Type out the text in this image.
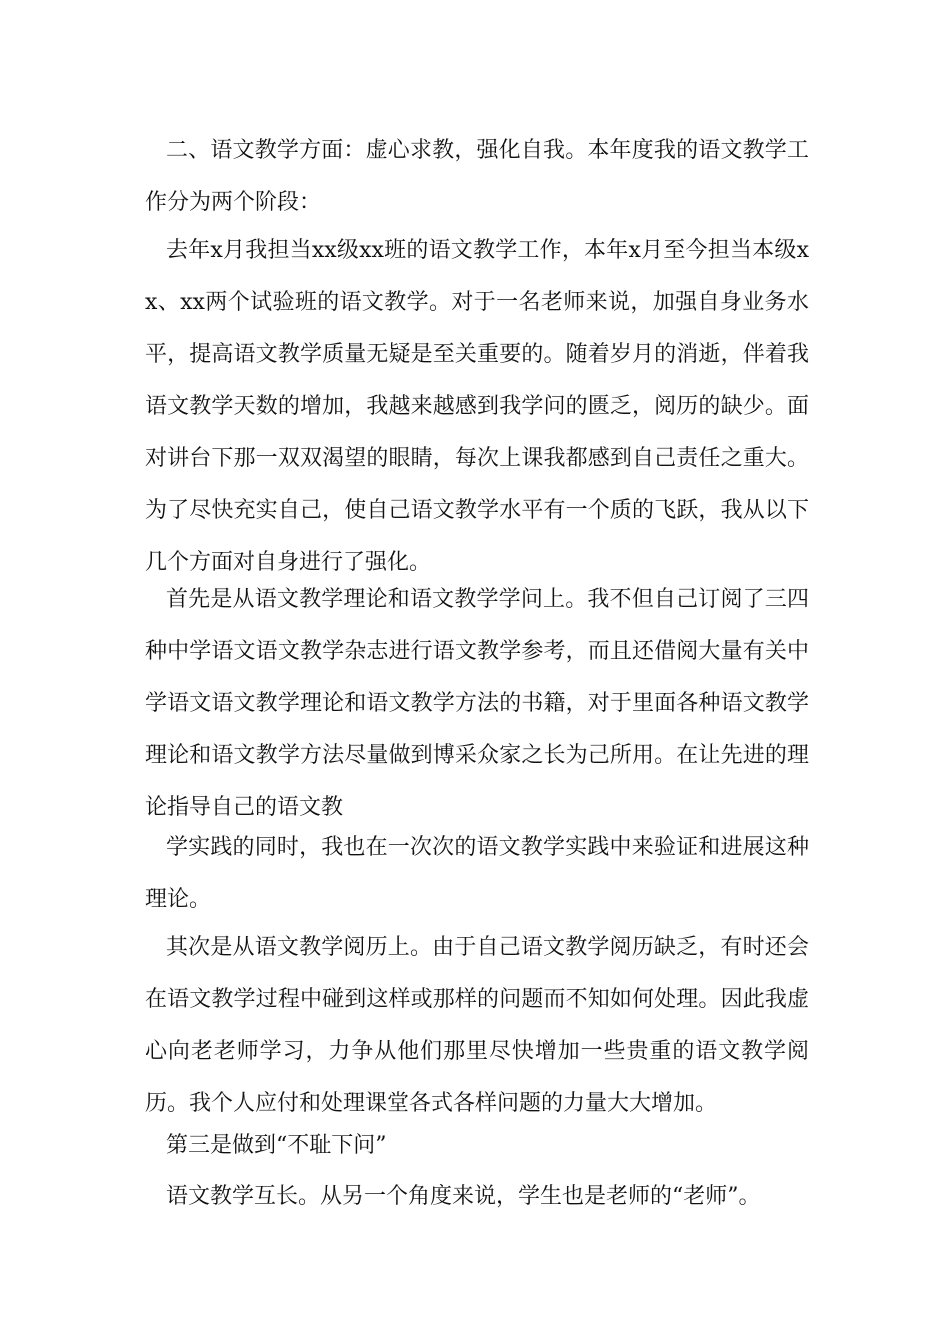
二、语文教学方面：虚心求教，强化自我。本年度我的语文教学工作分为两个阶段：

去年x月我担当xx级xx班的语文教学工作，本年x月至今担当本级xx、xx两个试验班的语文教学。对于一名老师来说，加强自身业务水平，提高语文教学质量无疑是至关重要的。随着岁月的消逝，伴着我语文教学天数的增加，我越来越感到我学问的匮乏，阅历的缺少。面对讲台下那一双双渴望的眼睛，每次上课我都感到自己责任之重大。为了尽快充实自己，使自己语文教学水平有一个质的飞跃，我从以下几个方面对自身进行了强化。

首先是从语文教学理论和语文教学学问上。我不但自己订阅了三四种中学语文语文教学杂志进行语文教学参考，而且还借阅大量有关中学语文语文教学理论和语文教学方法的书籍，对于里面各种语文教学理论和语文教学方法尽量做到博采众家之长为己所用。在让先进的理论指导自己的语文教

学实践的同时，我也在一次次的语文教学实践中来验证和进展这种理论。

其次是从语文教学阅历上。由于自己语文教学阅历缺乏，有时还会在语文教学过程中碰到这样或那样的问题而不知如何处理。因此我虚心向老老师学习，力争从他们那里尽快增加一些贵重的语文教学阅历。我个人应付和处理课堂各式各样问题的力量大大增加。

第三是做到“不耻下问”

语文教学互长。从另一个角度来说，学生也是老师的“老师”。
